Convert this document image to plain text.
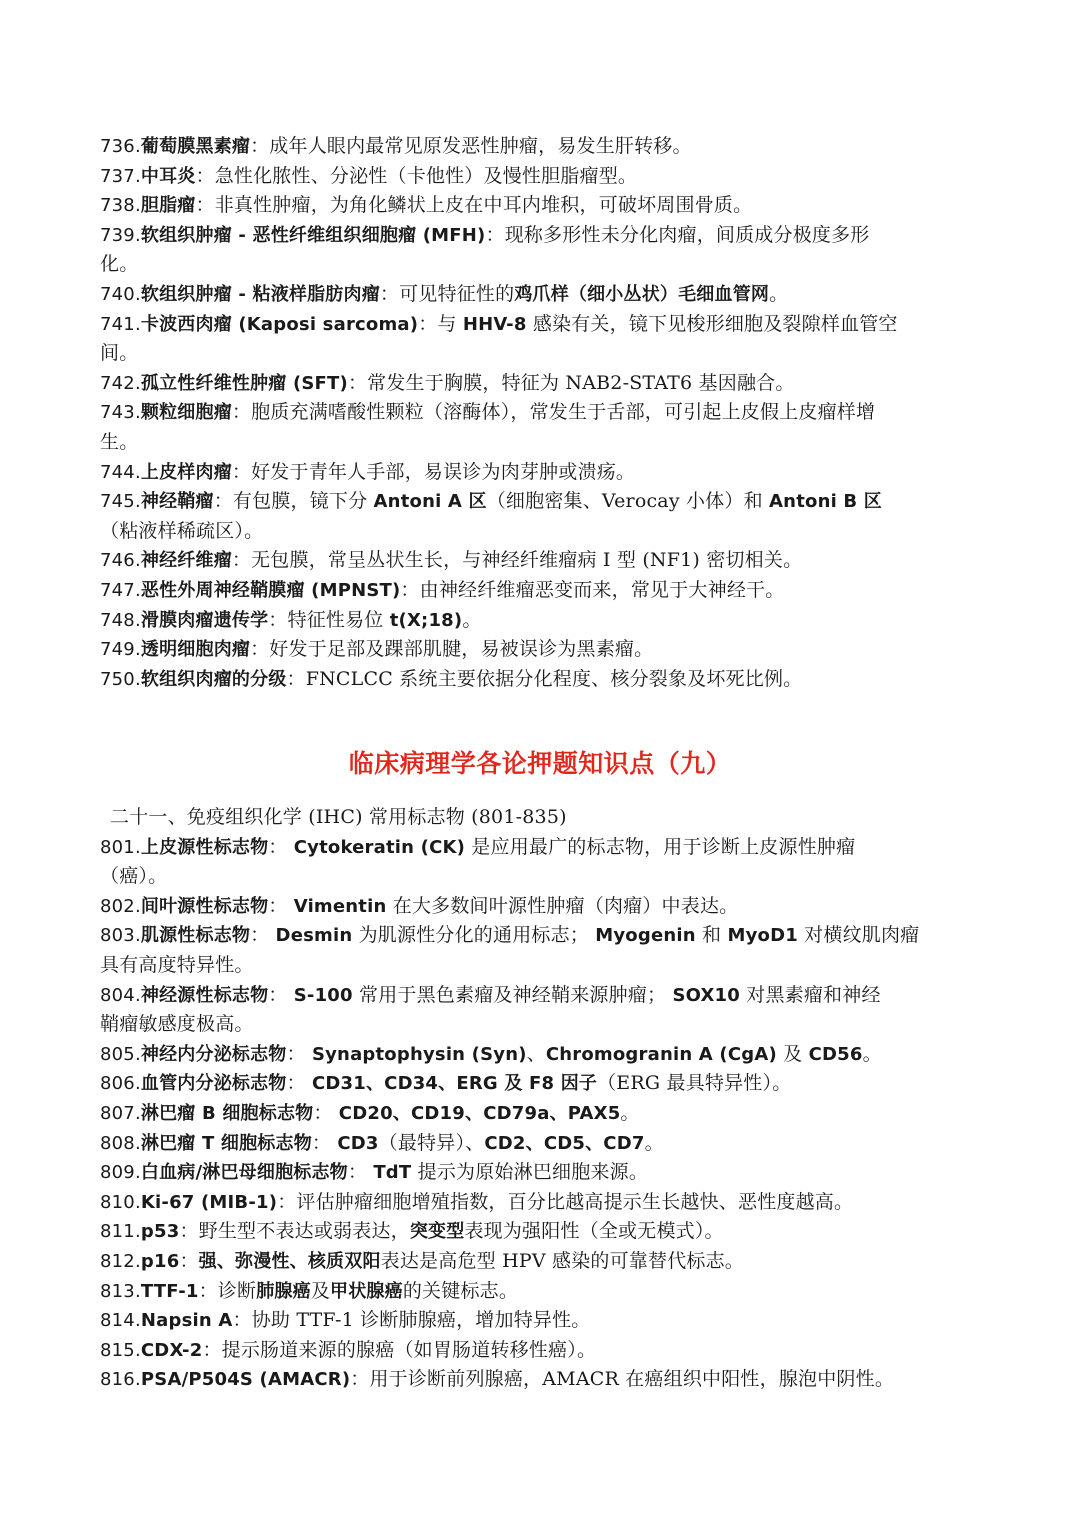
736.葡萄膜黑素瘤：成年人眼内最常见原发恶性肿瘤，易发生肝转移。
737.中耳炎：急性化脓性、分泌性（卡他性）及慢性胆脂瘤型。
738.胆脂瘤：非真性肿瘤，为角化鳞状上皮在中耳内堆积，可破坏周围骨质。
739.软组织肿瘤 - 恶性纤维组织细胞瘤 (MFH)：现称多形性未分化肉瘤，间质成分极度多形
化。
740.软组织肿瘤 - 粘液样脂肪肉瘤：可见特征性的鸡爪样（细小丛状）毛细血管网。
741.卡波西肉瘤 (Kaposi sarcoma)：与 HHV-8 感染有关，镜下见梭形细胞及裂隙样血管空
间。
742.孤立性纤维性肿瘤 (SFT)：常发生于胸膜，特征为 NAB2-STAT6 基因融合。
743.颗粒细胞瘤：胞质充满嗜酸性颗粒（溶酶体），常发生于舌部，可引起上皮假上皮瘤样增
生。
744.上皮样肉瘤：好发于青年人手部，易误诊为肉芽肿或溃疡。
745.神经鞘瘤：有包膜，镜下分 Antoni A 区（细胞密集、Verocay 小体）和 Antoni B 区
（粘液样稀疏区）。
746.神经纤维瘤：无包膜，常呈丛状生长，与神经纤维瘤病 I 型 (NF1) 密切相关。
747.恶性外周神经鞘膜瘤 (MPNST)：由神经纤维瘤恶变而来，常见于大神经干。
748.滑膜肉瘤遗传学：特征性易位 t(X;18)。
749.透明细胞肉瘤：好发于足部及踝部肌腱，易被误诊为黑素瘤。
750.软组织肉瘤的分级：FNCLCC 系统主要依据分化程度、核分裂象及坏死比例。
临床病理学各论押题知识点（九）
二十一、免疫组织化学 (IHC) 常用标志物 (801-835)
801.上皮源性标志物： Cytokeratin (CK) 是应用最广的标志物，用于诊断上皮源性肿瘤
（癌）。
802.间叶源性标志物： Vimentin 在大多数间叶源性肿瘤（肉瘤）中表达。
803.肌源性标志物： Desmin 为肌源性分化的通用标志； Myogenin 和 MyoD1 对横纹肌肉瘤
具有高度特异性。
804.神经源性标志物： S-100 常用于黑色素瘤及神经鞘来源肿瘤； SOX10 对黑素瘤和神经
鞘瘤敏感度极高。
805.神经内分泌标志物： Synaptophysin (Syn)、Chromogranin A (CgA) 及 CD56。
806.血管内分泌标志物： CD31、CD34、ERG 及 F8 因子（ERG 最具特异性）。
807.淋巴瘤 B 细胞标志物： CD20、CD19、CD79a、PAX5。
808.淋巴瘤 T 细胞标志物： CD3（最特异）、CD2、CD5、CD7。
809.白血病/淋巴母细胞标志物： TdT 提示为原始淋巴细胞来源。
810.Ki-67 (MIB-1)：评估肿瘤细胞增殖指数，百分比越高提示生长越快、恶性度越高。
811.p53：野生型不表达或弱表达，突变型表现为强阳性（全或无模式）。
812.p16：强、弥漫性、核质双阳表达是高危型 HPV 感染的可靠替代标志。
813.TTF-1：诊断肺腺癌及甲状腺癌的关键标志。
814.Napsin A：协助 TTF-1 诊断肺腺癌，增加特异性。
815.CDX-2：提示肠道来源的腺癌（如胃肠道转移性癌）。
816.PSA/P504S (AMACR)：用于诊断前列腺癌，AMACR 在癌组织中阳性，腺泡中阴性。
